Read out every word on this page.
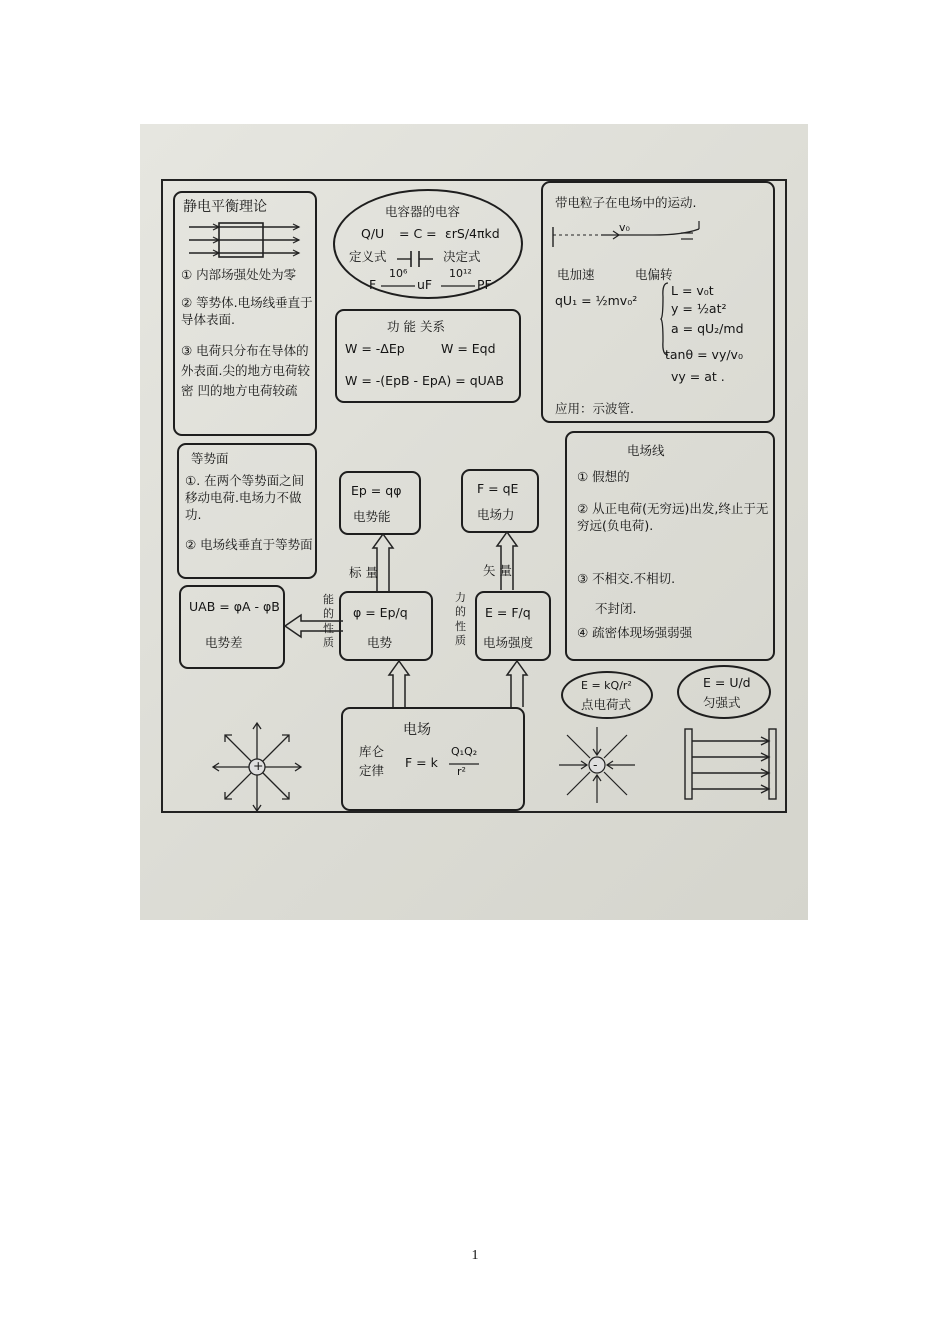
静电平衡理论
① 内部场强处处为零
② 等势体.电场线垂直于导体表面.
③ 电荷只分布在导体的外表面.尖的地方电荷较密 凹的地方电荷较疏
电容器的电容
Q/U = C = εrS/4πkd
定义式	决定式
F
10⁶
uF
10¹²
PF
功 能 关系
W = -ΔEp	W = Eqd
W = -(EpB - EpA) = qUAB
带电粒子在电场中的运动.
v₀
电加速
qU₁ = ½mv₀²
电偏转
L = v₀t
y = ½at²
a = qU₂/md
tanθ = vy/v₀
vy = at .
应用：示波管.
等势面
①. 在两个等势面之间移动电荷.电场力不做功.
② 电场线垂直于等势面
Ep = qφ
电势能
F = qE
电场力
电场线
① 假想的
② 从正电荷(无穷远)出发,终止于无穷远(负电荷).
③ 不相交.不相切.
不封闭.
④ 疏密体现场强弱强
UAB = φA - φB
电势差
φ = Ep/q
电势
E = F/q
电场强度
标 量	矢 量
能的性质
力的性质
E = kQ/r²
点电荷式
E = U/d
匀强式
电场
库仑定律
F = k
Q₁Q₂
r²
+	-
1
